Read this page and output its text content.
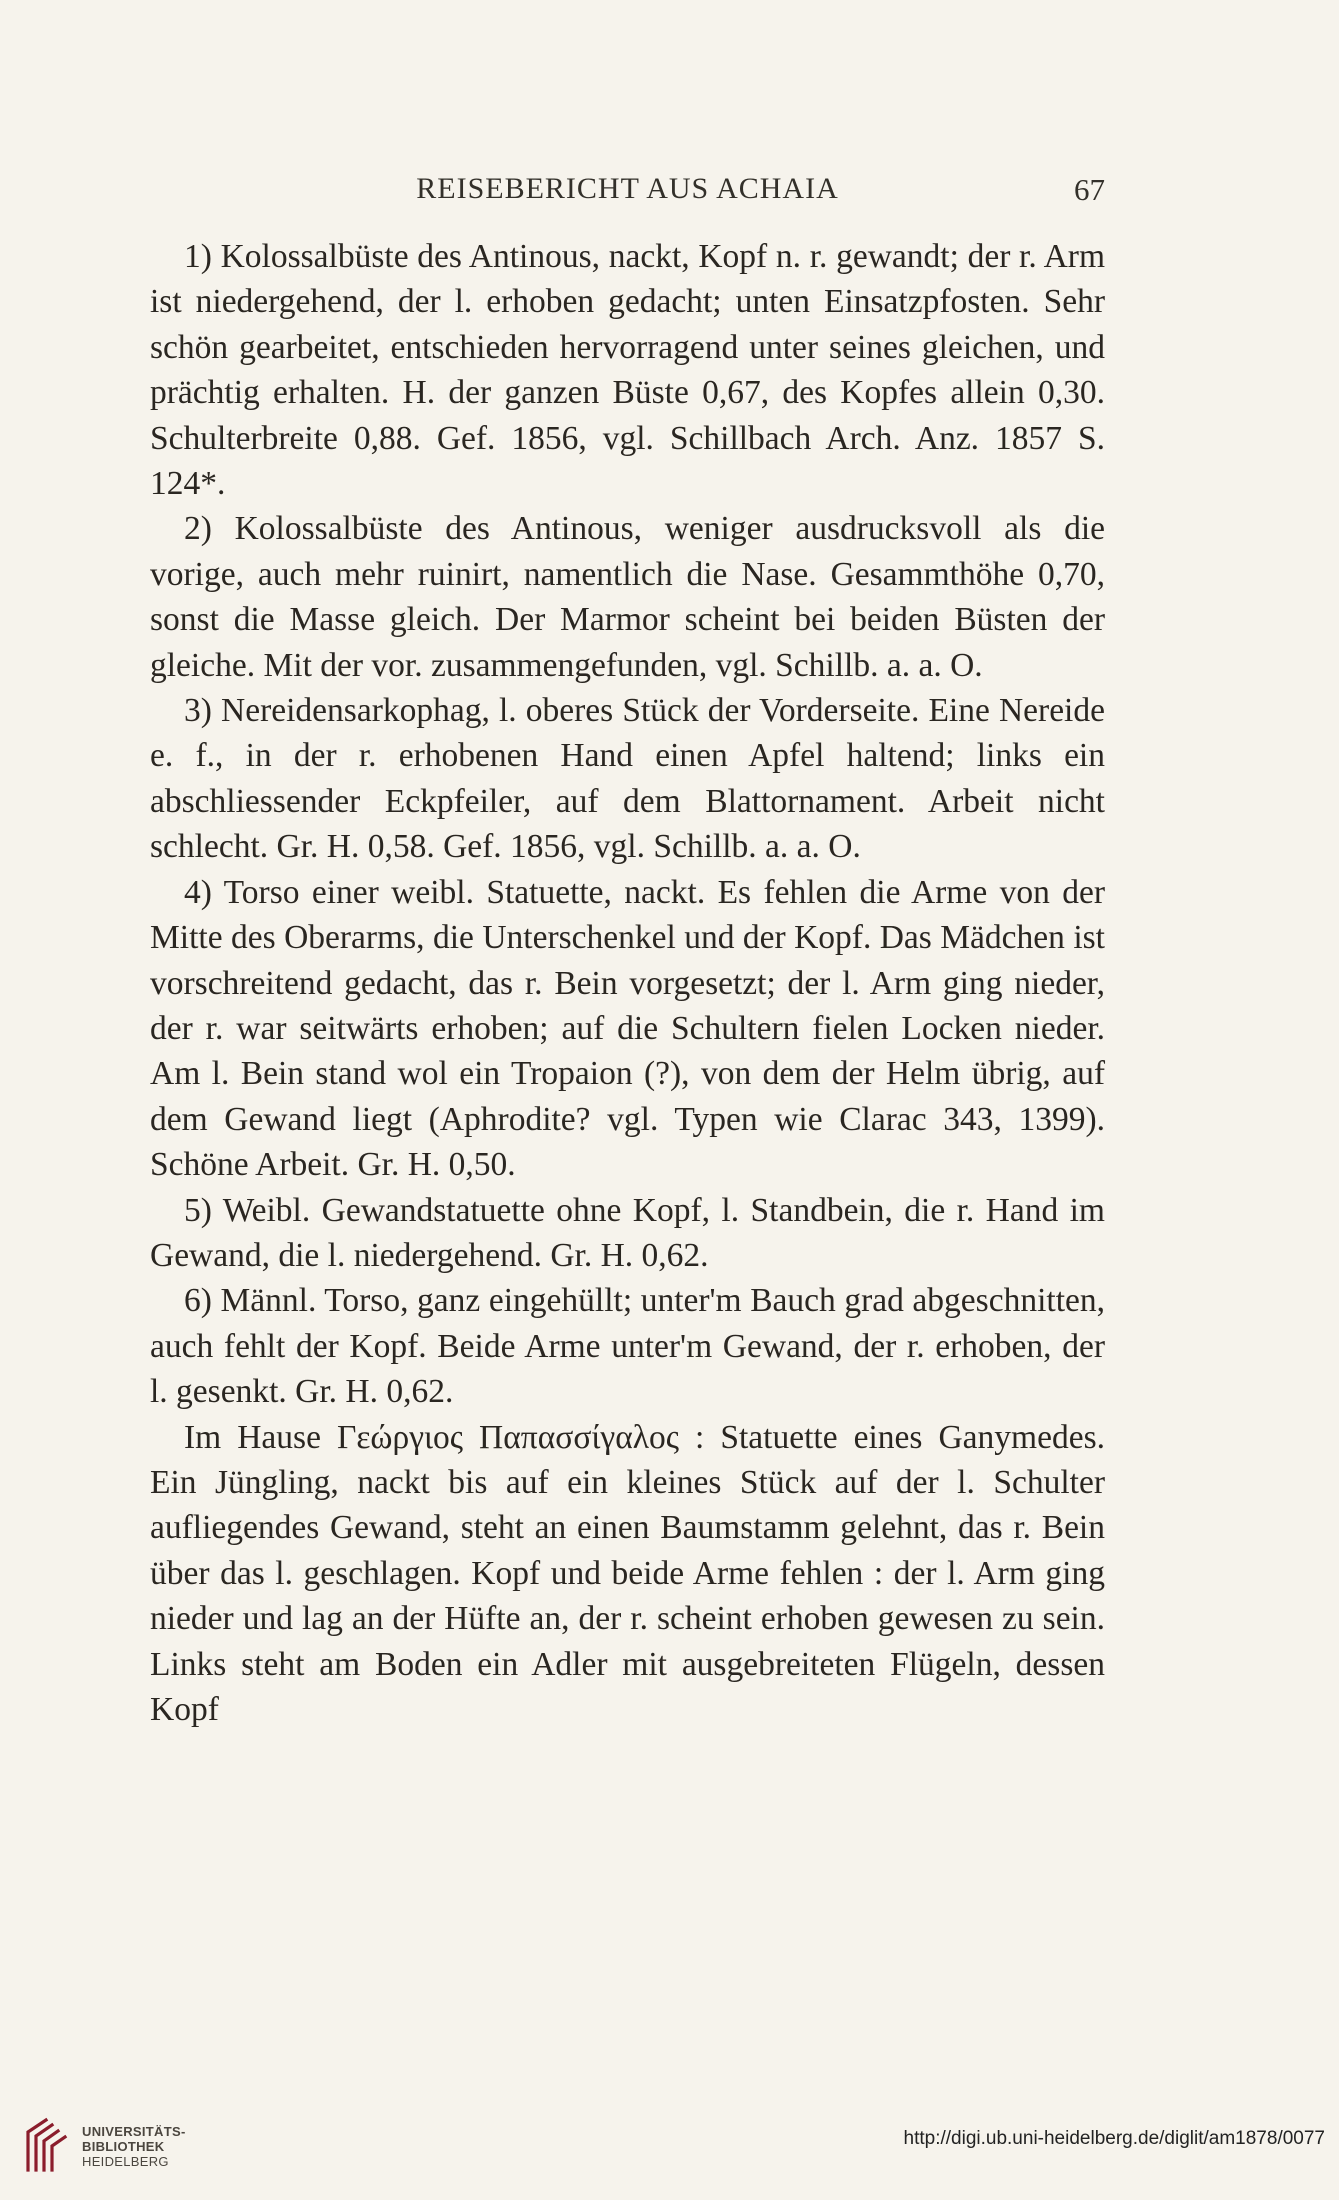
REISEBERICHT AUS ACHAIA	67

1) Kolossalbüste des Antinous, nackt, Kopf n. r. gewandt; der r. Arm ist niedergehend, der l. erhoben gedacht; unten Einsatzpfosten. Sehr schön gearbeitet, entschieden hervorragend unter seines gleichen, und prächtig erhalten. H. der ganzen Büste 0,67, des Kopfes allein 0,30. Schulterbreite 0,88. Gef. 1856, vgl. Schillbach Arch. Anz. 1857 S. 124*.

2) Kolossalbüste des Antinous, weniger ausdrucksvoll als die vorige, auch mehr ruinirt, namentlich die Nase. Gesammthöhe 0,70, sonst die Masse gleich. Der Marmor scheint bei beiden Büsten der gleiche. Mit der vor. zusammengefunden, vgl. Schillb. a. a. O.

3) Nereidensarkophag, l. oberes Stück der Vorderseite. Eine Nereide e. f., in der r. erhobenen Hand einen Apfel haltend; links ein abschliessender Eckpfeiler, auf dem Blattornament. Arbeit nicht schlecht. Gr. H. 0,58. Gef. 1856, vgl. Schillb. a. a. O.

4) Torso einer weibl. Statuette, nackt. Es fehlen die Arme von der Mitte des Oberarms, die Unterschenkel und der Kopf. Das Mädchen ist vorschreitend gedacht, das r. Bein vorgesetzt; der l. Arm ging nieder, der r. war seitwärts erhoben; auf die Schultern fielen Locken nieder. Am l. Bein stand wol ein Tropaion (?), von dem der Helm übrig, auf dem Gewand liegt (Aphrodite? vgl. Typen wie Clarac 343, 1399). Schöne Arbeit. Gr. H. 0,50.

5) Weibl. Gewandstatuette ohne Kopf, l. Standbein, die r. Hand im Gewand, die l. niedergehend. Gr. H. 0,62.

6) Männl. Torso, ganz eingehüllt; unter'm Bauch grad abgeschnitten, auch fehlt der Kopf. Beide Arme unter'm Gewand, der r. erhoben, der l. gesenkt. Gr. H. 0,62.

Im Hause Γεώργιος Παπασσίγαλος : Statuette eines Ganymedes. Ein Jüngling, nackt bis auf ein kleines Stück auf der l. Schulter aufliegendes Gewand, steht an einen Baumstamm gelehnt, das r. Bein über das l. geschlagen. Kopf und beide Arme fehlen : der l. Arm ging nieder und lag an der Hüfte an, der r. scheint erhoben gewesen zu sein. Links steht am Boden ein Adler mit ausgebreiteten Flügeln, dessen Kopf

UNIVERSITÄTS-
BIBLIOTHEK
HEIDELBERG
http://digi.ub.uni-heidelberg.de/diglit/am1878/0077
